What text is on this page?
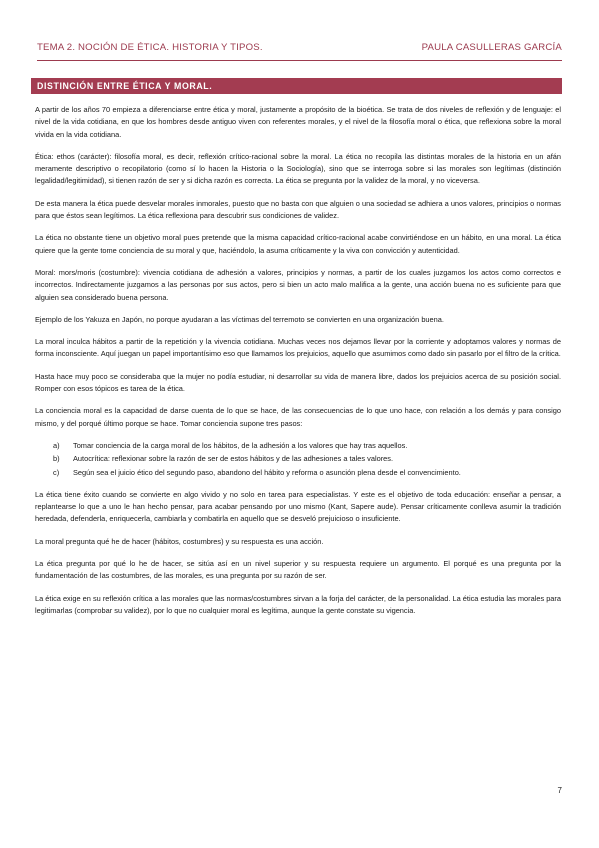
TEMA 2. NOCIÓN DE ÉTICA. HISTORIA Y TIPOS.	PAULA CASULLERAS GARCÍA
DISTINCIÓN ENTRE ÉTICA Y MORAL.

A partir de los años 70 empieza a diferenciarse entre ética y moral, justamente a propósito de la bioética. Se trata de dos niveles de reflexión y de lenguaje: el nivel de la vida cotidiana, en que los hombres desde antiguo viven con referentes morales, y el nivel de la filosofía moral o ética, que reflexiona sobre la moral vivida en la vida cotidiana.

Ética: ethos (carácter): filosofía moral, es decir, reflexión crítico-racional sobre la moral. La ética no recopila las distintas morales de la historia en un afán meramente descriptivo o recopilatorio (como sí lo hacen la Historia o la Sociología), sino que se interroga sobre si las morales son legítimas (distinción legalidad/legitimidad), si tienen razón de ser y si dicha razón es correcta. La ética se pregunta por la validez de la moral, y no viceversa.

De esta manera la ética puede desvelar morales inmorales, puesto que no basta con que alguien o una sociedad se adhiera a unos valores, principios o normas para que éstos sean legítimos. La ética reflexiona para descubrir sus condiciones de validez.

La ética no obstante tiene un objetivo moral pues pretende que la misma capacidad crítico-racional acabe convirtiéndose en un hábito, en una moral. La ética quiere que la gente tome conciencia de su moral y que, haciéndolo, la asuma críticamente y la viva con convicción y autenticidad.

Moral: mors/moris (costumbre): vivencia cotidiana de adhesión a valores, principios y normas, a partir de los cuales juzgamos los actos como correctos e incorrectos. Indirectamente juzgamos a las personas por sus actos, pero si bien un acto malo malifica a la gente, una acción buena no es suficiente para que alguien sea considerado buena persona.

Ejemplo de los Yakuza en Japón, no porque ayudaran a las víctimas del terremoto se convierten en una organización buena.

La moral inculca hábitos a partir de la repetición y la vivencia cotidiana. Muchas veces nos dejamos llevar por la corriente y adoptamos valores y normas de forma inconsciente. Aquí juegan un papel importantísimo eso que llamamos los prejuicios, aquello que asumimos como dado sin pasarlo por el filtro de la crítica.

Hasta hace muy poco se consideraba que la mujer no podía estudiar, ni desarrollar su vida de manera libre, dados los prejuicios acerca de su posición social. Romper con esos tópicos es tarea de la ética.

La conciencia moral es la capacidad de darse cuenta de lo que se hace, de las consecuencias de lo que uno hace, con relación a los demás y para consigo mismo, y del porqué último porque se hace. Tomar conciencia supone tres pasos:

a)	Tomar conciencia de la carga moral de los hábitos, de la adhesión a los valores que hay tras aquellos.
b)	Autocrítica: reflexionar sobre la razón de ser de estos hábitos y de las adhesiones a tales valores.
c)	Según sea el juicio ético del segundo paso, abandono del hábito y reforma o asunción plena desde el convencimiento.

La ética tiene éxito cuando se convierte en algo vivido y no solo en tarea para especialistas. Y este es el objetivo de toda educación: enseñar a pensar, a replantearse lo que a uno le han hecho pensar, para acabar pensando por uno mismo (Kant, Sapere aude). Pensar críticamente conlleva asumir la tradición heredada, defenderla, enriquecerla, cambiarla y combatirla en aquello que se desveló prejuicioso o insuficiente.

La moral pregunta qué he de hacer (hábitos, costumbres) y su respuesta es una acción.

La ética pregunta por qué lo he de hacer, se sitúa así en un nivel superior y su respuesta requiere un argumento. El porqué es una pregunta por la fundamentación de las costumbres, de las morales, es una pregunta por su razón de ser.

La ética exige en su reflexión crítica a las morales que las normas/costumbres sirvan a la forja del carácter, de la personalidad. La ética estudia las morales para legitimarlas (comprobar su validez), por lo que no cualquier moral es legítima, aunque la gente constate su vigencia.

7
